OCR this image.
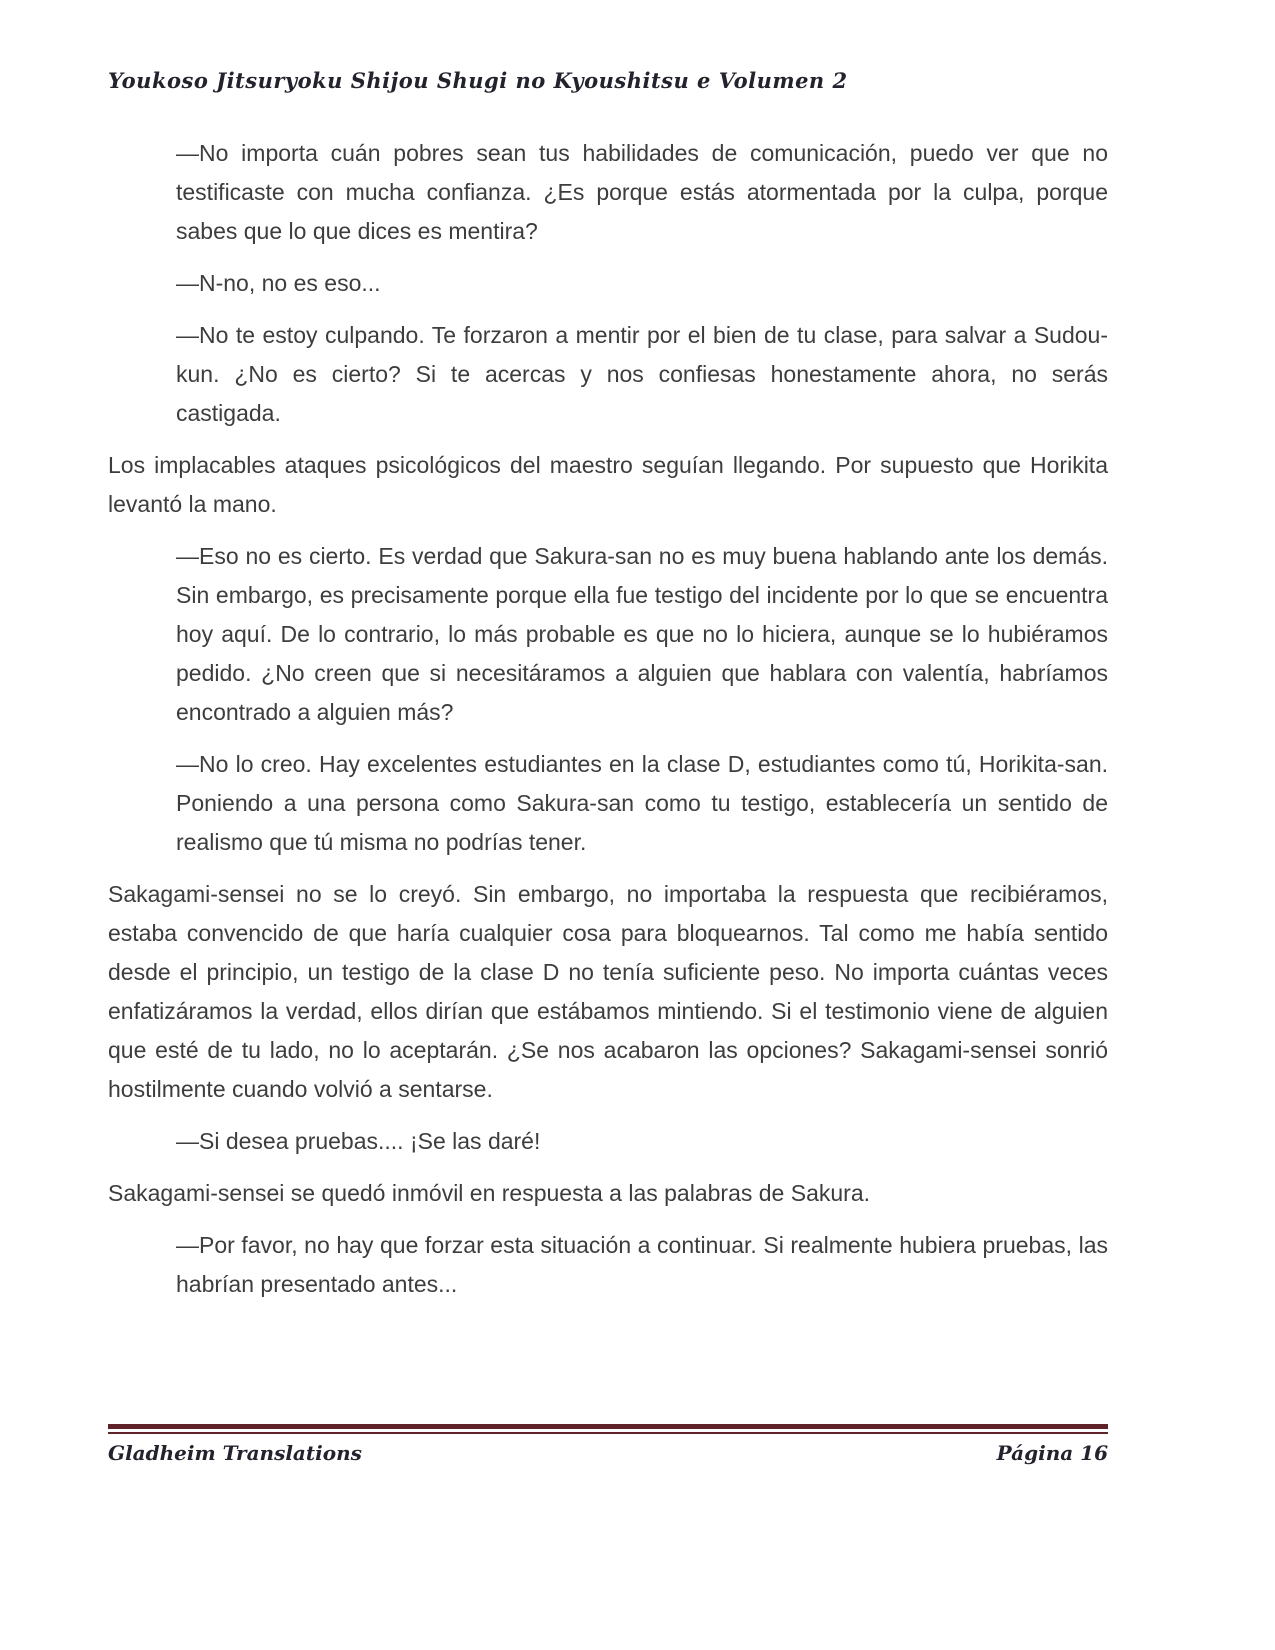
Youkoso Jitsuryoku Shijou Shugi no Kyoushitsu e Volumen 2

—No importa cuán pobres sean tus habilidades de comunicación, puedo ver que no testificaste con mucha confianza. ¿Es porque estás atormentada por la culpa, porque sabes que lo que dices es mentira?

—N-no, no es eso...

—No te estoy culpando. Te forzaron a mentir por el bien de tu clase, para salvar a Sudou-kun. ¿No es cierto? Si te acercas y nos confiesas honestamente ahora, no serás castigada.

Los implacables ataques psicológicos del maestro seguían llegando. Por supuesto que Horikita levantó la mano.

—Eso no es cierto. Es verdad que Sakura-san no es muy buena hablando ante los demás. Sin embargo, es precisamente porque ella fue testigo del incidente por lo que se encuentra hoy aquí. De lo contrario, lo más probable es que no lo hiciera, aunque se lo hubiéramos pedido. ¿No creen que si necesitáramos a alguien que hablara con valentía, habríamos encontrado a alguien más?

—No lo creo. Hay excelentes estudiantes en la clase D, estudiantes como tú, Horikita-san. Poniendo a una persona como Sakura-san como tu testigo, establecería un sentido de realismo que tú misma no podrías tener.

Sakagami-sensei no se lo creyó. Sin embargo, no importaba la respuesta que recibiéramos, estaba convencido de que haría cualquier cosa para bloquearnos. Tal como me había sentido desde el principio, un testigo de la clase D no tenía suficiente peso. No importa cuántas veces enfatizáramos la verdad, ellos dirían que estábamos mintiendo. Si el testimonio viene de alguien que esté de tu lado, no lo aceptarán. ¿Se nos acabaron las opciones? Sakagami-sensei sonrió hostilmente cuando volvió a sentarse.

—Si desea pruebas.... ¡Se las daré!

Sakagami-sensei se quedó inmóvil en respuesta a las palabras de Sakura.

—Por favor, no hay que forzar esta situación a continuar. Si realmente hubiera pruebas, las habrían presentado antes...

Gladheim Translations	Página 16
